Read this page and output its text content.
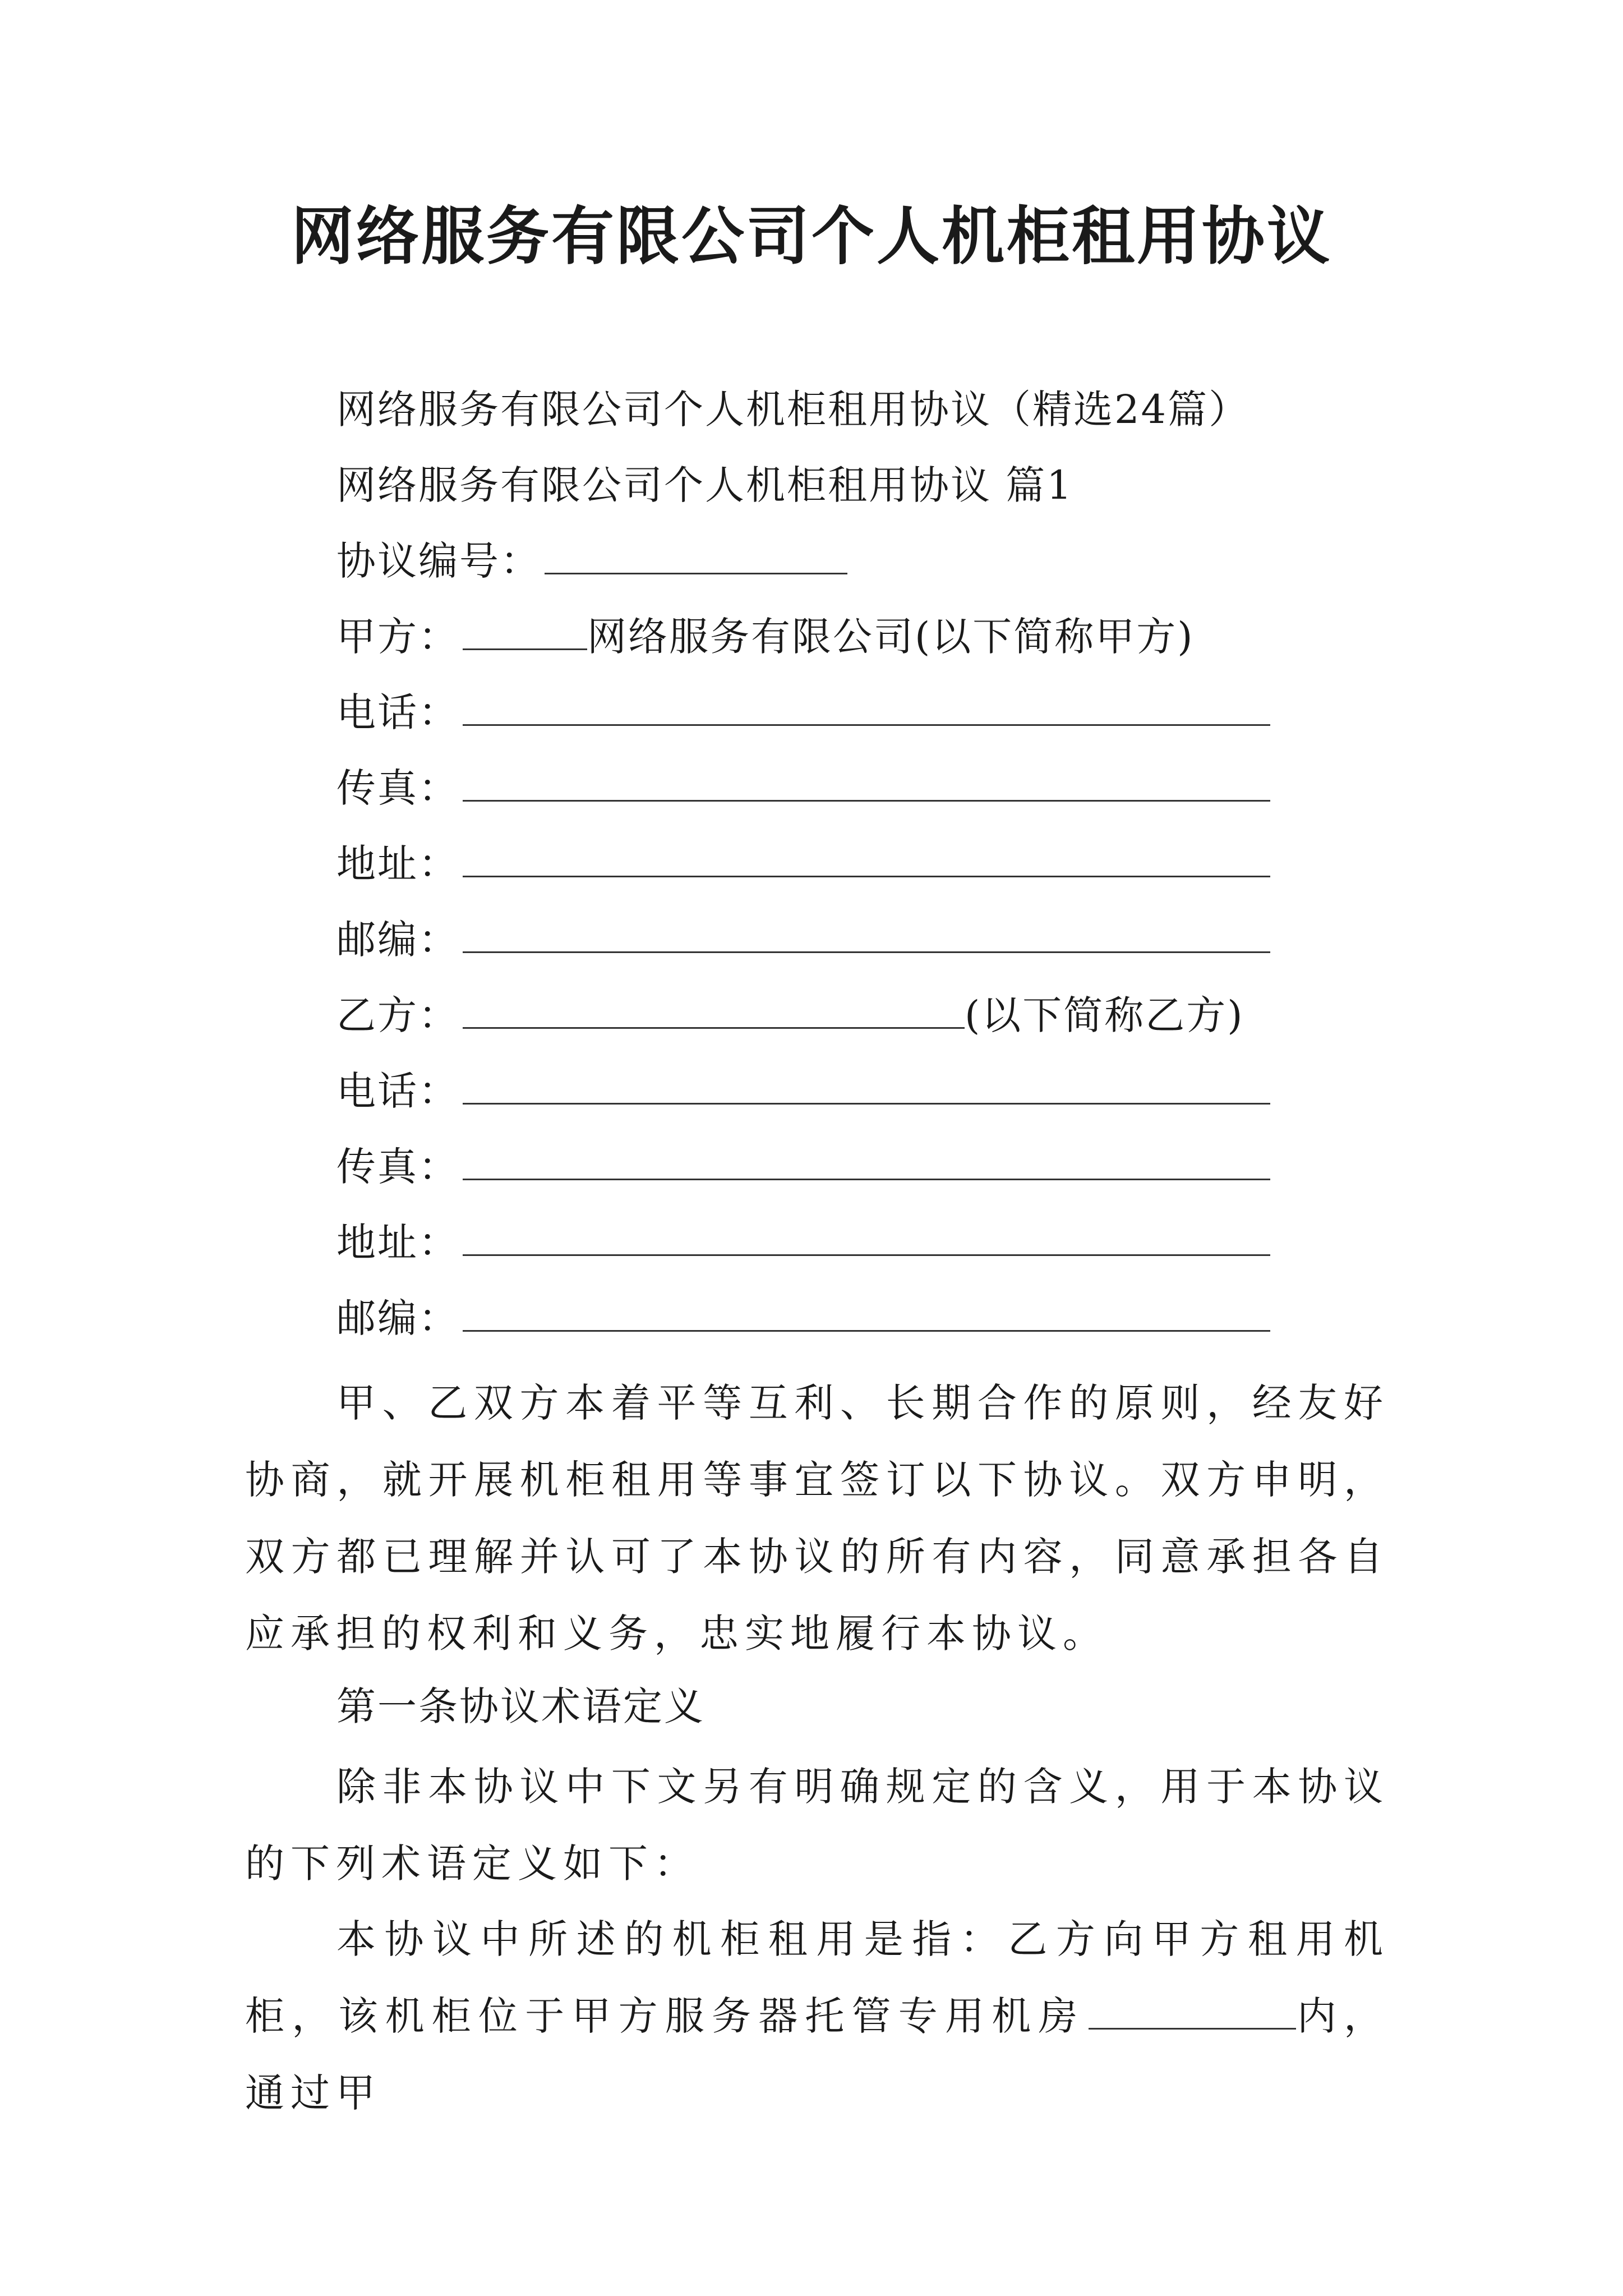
网络服务有限公司个人机柜租用协议
网络服务有限公司个人机柜租用协议（精选24篇）
网络服务有限公司个人机柜租用协议 篇1
协议编号：
甲方：	网络服务有限公司(以下简称甲方)
电话：
传真：
地址：
邮编：
乙方：	(以下简称乙方)
电话：
传真：
地址：
邮编：
甲、乙双方本着平等互利、长期合作的原则，经友好协商，就开展机柜租用等事宜签订以下协议。双方申明，双方都已理解并认可了本协议的所有内容，同意承担各自应承担的权利和义务，忠实地履行本协议。
第一条协议术语定义
除非本协议中下文另有明确规定的含义，用于本协议的下列术语定义如下：
本协议中所述的机柜租用是指：乙方向甲方租用机柜，该机柜位于甲方服务器托管专用机房	内，通过甲
